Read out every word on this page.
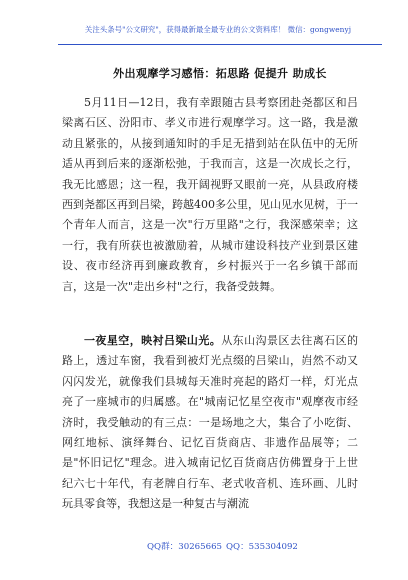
关注头条号"公文研究"，获得最新最全最专业的公文资料库！ 微信：gongwenyj
外出观摩学习感悟：拓思路 促提升 助成长

5月11日—12日，我有幸跟随古县考察团赴尧都区和吕梁离石区、汾阳市、孝义市进行观摩学习。这一路，我是激动且紧张的，从接到通知时的手足无措到站在队伍中的无所适从再到后来的逐渐松弛，于我而言，这是一次成长之行，我无比感恩；这一程，我开阔视野又眼前一亮，从县政府楼西到尧都区再到吕梁，跨越400多公里，见山见水见树，于一个青年人而言，这是一次"行万里路"之行，我深感荣幸；这一行，我有所获也被激励着，从城市建设科技产业到景区建设、夜市经济再到廉政教育，乡村振兴于一名乡镇干部而言，这是一次"走出乡村"之行，我备受鼓舞。

一夜星空，映衬吕梁山光。从东山沟景区去往离石区的路上，透过车窗，我看到被灯光点缀的吕梁山，岿然不动又闪闪发光，就像我们县城每天准时亮起的路灯一样，灯光点亮了一座城市的归属感。在"城南记忆星空夜市"观摩夜市经济时，我受触动的有三点：一是场地之大，集合了小吃街、网红地标、演绎舞台、记忆百货商店、非遗作品展等；二是"怀旧记忆"理念。进入城南记忆百货商店仿佛置身于上世纪六七十年代，有老牌自行车、老式收音机、连环画、儿时玩具零食等，我想这是一种复古与潮流

QQ群：30265665 QQ：535304092
